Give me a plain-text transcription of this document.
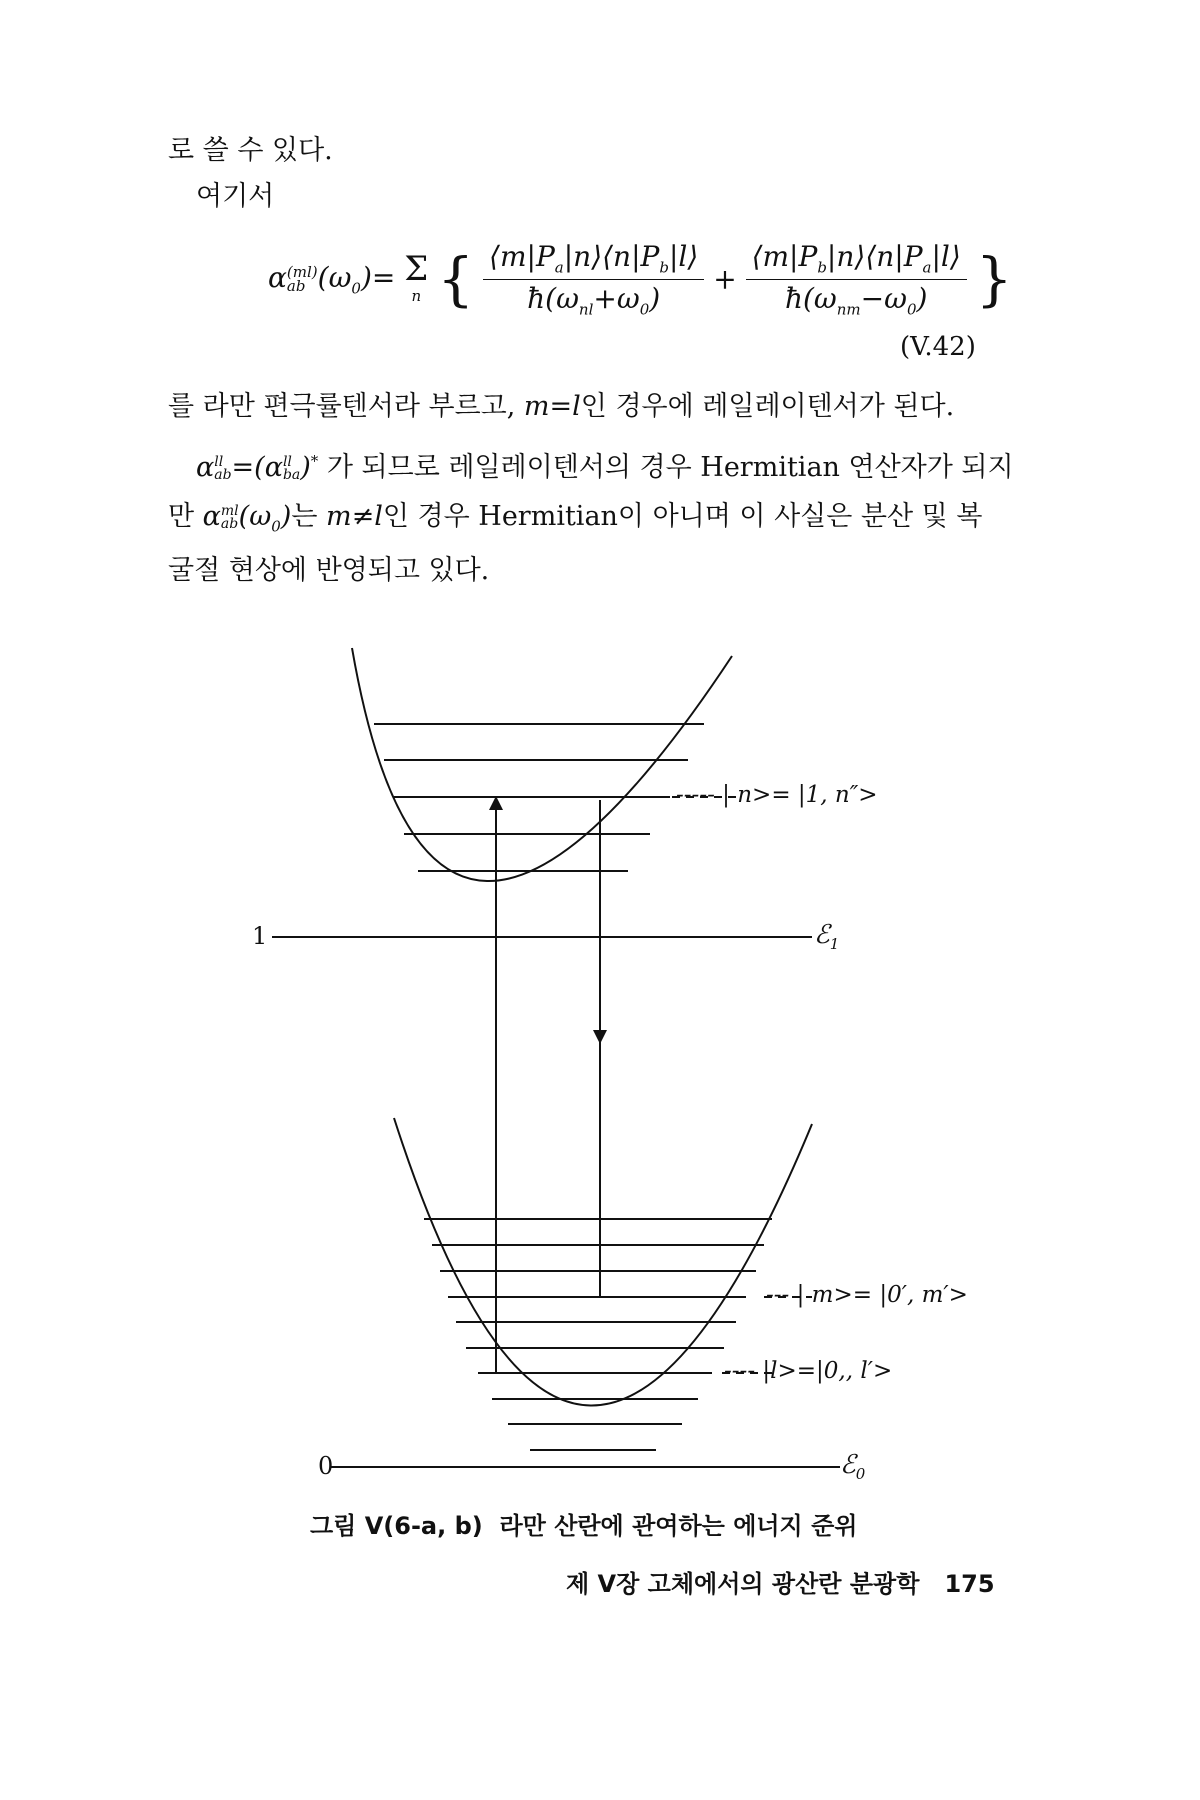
로 쓸 수 있다.
여기서
α (ml)
ab $(\omega_0)= \Sigma$
n { $\frac{⟨m|P_a|n⟩⟨n|P_b|l⟩}{ħ(\omega_{nl}+\omega_0)} + \frac{⟨m|P_b|n⟩⟨n|P_a|l⟩}{ħ(\omega_{nm}-\omega_0)}$ }
(V.42)
를 라만 편극률텐서라 부르고, m=l인 경우에 레일레이텐서가 된다.
α ll
ab =(α ll
ba )* 가 되므로 레일레이텐서의 경우 Hermitian 연산자가 되지
만 α ml
ab $(\omega_0)$는 m≠l인 경우 Hermitian이 아니며 이 사실은 분산 및 복
굴절 현상에 반영되고 있다.
1
0
ℰ$_1$
ℰ$_0$
----- | n>= |1, n″>
--- | m>= |0′, m′>
---- |l>=|0,, l′>
그림 V(6-a, b) 라만 산란에 관여하는 에너지 준위
제 V장 고체에서의 광산란 분광학 175
